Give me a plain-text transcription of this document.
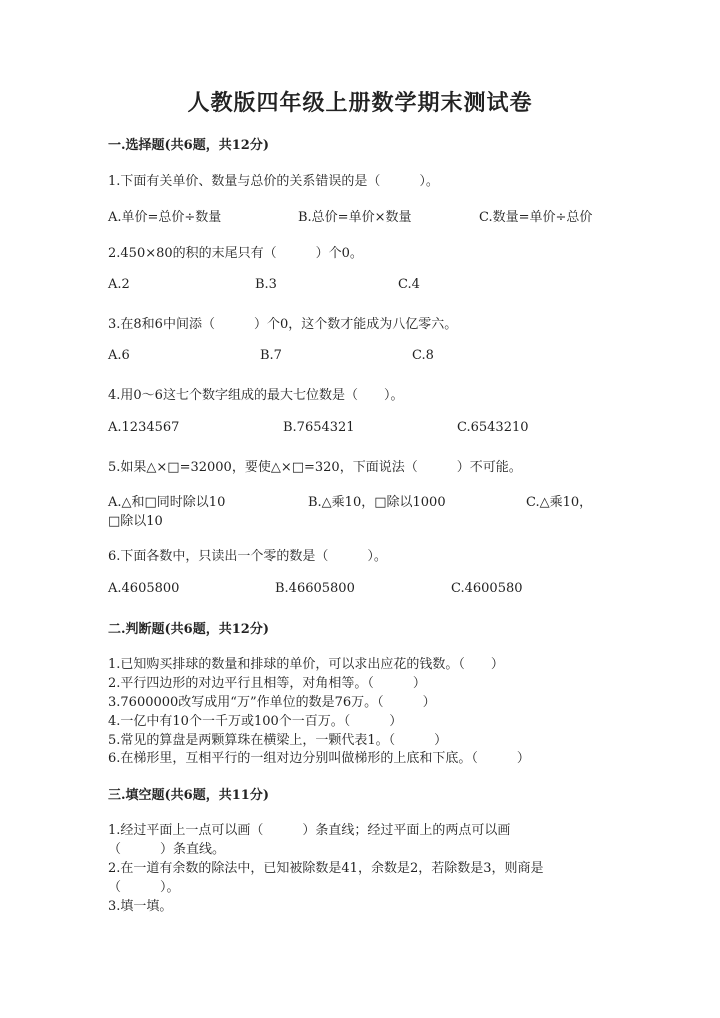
人教版四年级上册数学期末测试卷
一.选择题(共6题，共12分)
1.下面有关单价、数量与总价的关系错误的是（　　　）。
A.单价=总价÷数量	B.总价=单价×数量	C.数量=单价÷总价
2.450×80的积的末尾只有（　　　）个0。
A.2	B.3	C.4
3.在8和6中间添（　　　）个0，这个数才能成为八亿零六。
A.6	B.7	C.8
4.用0～6这七个数字组成的最大七位数是（　　）。
A.1234567	B.7654321	C.6543210
5.如果△×□=32000，要使△×□=320，下面说法（　　　）不可能。
A.△和□同时除以10	B.△乘10，□除以1000	C.△乘10，
□除以10
6.下面各数中，只读出一个零的数是（　　　）。
A.4605800	B.46605800	C.4600580
二.判断题(共6题，共12分)
1.已知购买排球的数量和排球的单价，可以求出应花的钱数。（　　）
2.平行四边形的对边平行且相等，对角相等。（　　　）
3.7600000改写成用“万”作单位的数是76万。（　　　）
4.一亿中有10个一千万或100个一百万。（　　　）
5.常见的算盘是两颗算珠在横梁上，一颗代表1。（　　　）
6.在梯形里，互相平行的一组对边分别叫做梯形的上底和下底。（　　　）
三.填空题(共6题，共11分)
1.经过平面上一点可以画（　　　）条直线；经过平面上的两点可以画
（　　　）条直线。
2.在一道有余数的除法中，已知被除数是41，余数是2，若除数是3，则商是
（　　　）。
3.填一填。
